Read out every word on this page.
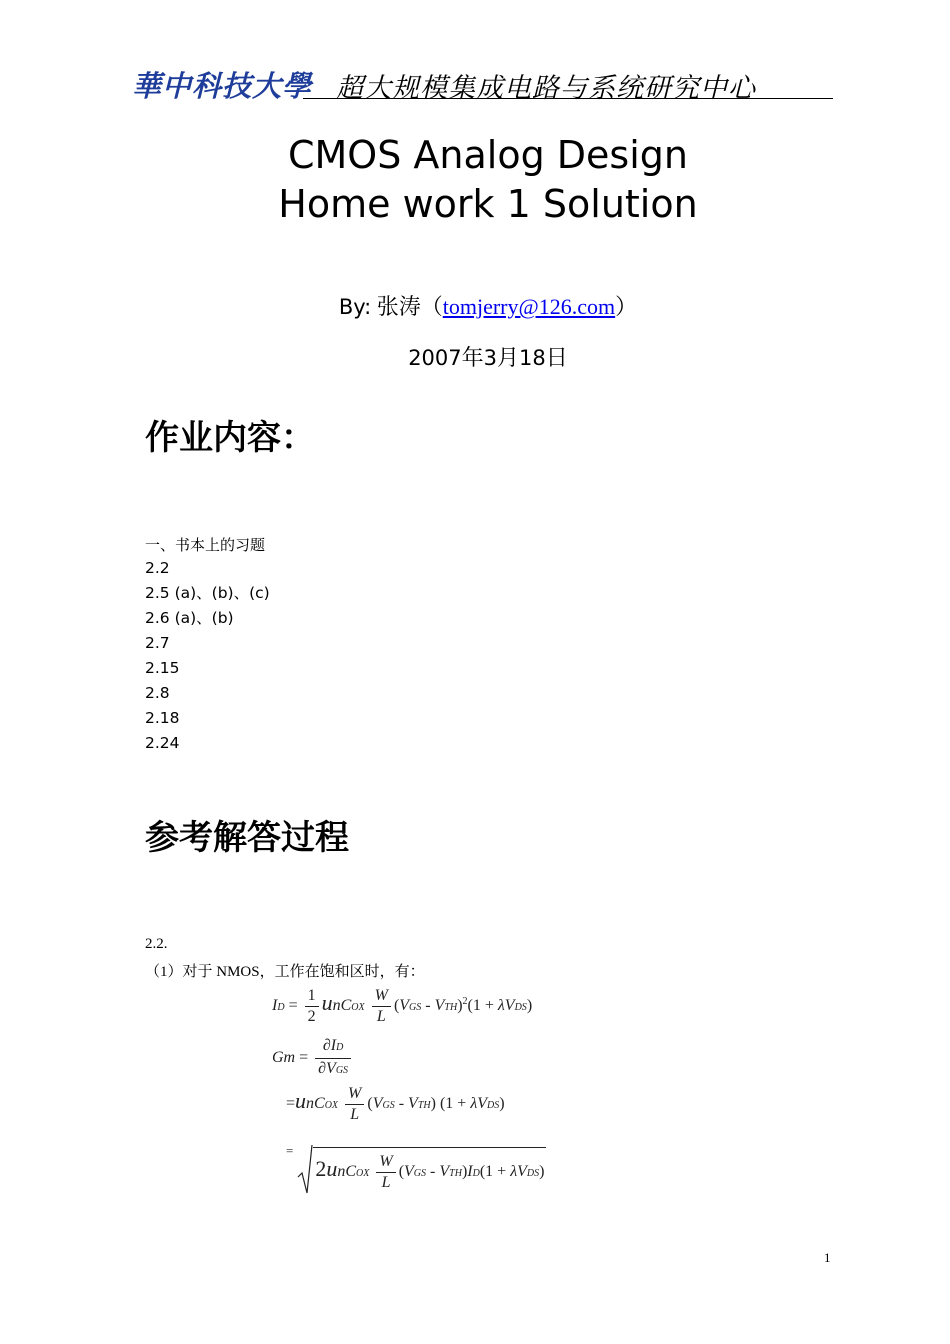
華中科技大學 超大规模集成电路与系统研究中心
CMOS Analog Design
Home work 1 Solution
By: 张涛（tomjerry@126.com）
2007年3月18日
作业内容：
一、书本上的习题
2.2
2.5 (a)、(b)、(c)
2.6 (a)、(b)
2.7
2.15
2.8
2.18
2.24
参考解答过程
2.2.
（1）对于 NMOS，工作在饱和区时，有：
ID = $\frac{1}{2}$ unCOX $\frac{W}{L} (VGS - VTH)^2(1 + \lambda VDS)$
$Gm = \frac{\partial ID}{\text{∂VGS}}$
=unCOX $\frac{W}{L} (VGS - VTH) (1 + \lambda VDS)$
= 2unCOX $\frac{W}{L} (VGS - VTH)ID(1 + \lambda VDS)$
1
